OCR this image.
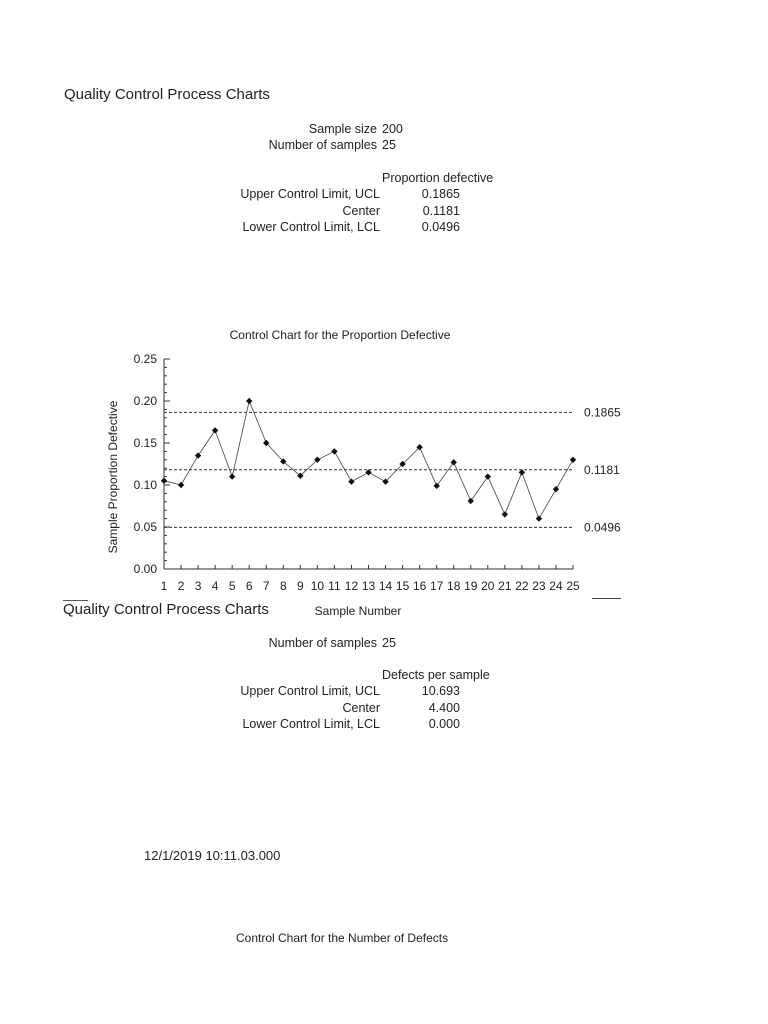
Quality Control Process Charts
Sample size 200
Number of samples 25
Proportion defective
Upper Control Limit, UCL	0.1865
Center	0.1181
Lower Control Limit, LCL	0.0496
Quality Control Process Charts
Control Chart for the Proportion Defective
Sample Proportion Defective
Sample Number
0.00
0.05
0.10
0.15
0.20
0.25
1 2 3 4 5 6 7 8 9 10 11 12 13 14 15 16 17 18 19 20 21 22 23 24 25
0.1865
0.1181
0.0496
Number of samples 25
Defects per sample
Upper Control Limit, UCL	10.693
Center	4.400
Lower Control Limit, LCL	0.000
12/1/2019 10:11.03.000
Control Chart for the Number of Defects
